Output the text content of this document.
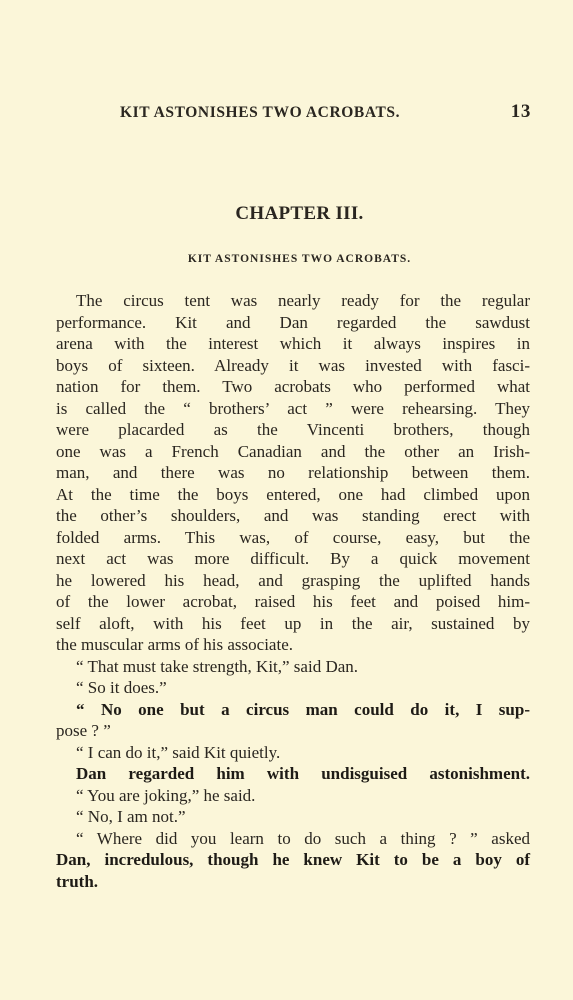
KIT ASTONISHES TWO ACROBATS.	13
CHAPTER III.
KIT ASTONISHES TWO ACROBATS.
The circus tent was nearly ready for the regular
performance. Kit and Dan regarded the sawdust
arena with the interest which it always inspires in
boys of sixteen. Already it was invested with fasci-
nation for them. Two acrobats who performed what
is called the “ brothers’ act ” were rehearsing. They
were placarded as the Vincenti brothers, though
one was a French Canadian and the other an Irish-
man, and there was no relationship between them.
At the time the boys entered, one had climbed upon
the other’s shoulders, and was standing erect with
folded arms. This was, of course, easy, but the
next act was more difficult. By a quick movement
he lowered his head, and grasping the uplifted hands
of the lower acrobat, raised his feet and poised him-
self aloft, with his feet up in the air, sustained by
the muscular arms of his associate.
“ That must take strength, Kit,” said Dan.
“ So it does.”
“ No one but a circus man could do it, I sup-
pose ? ”
“ I can do it,” said Kit quietly.
Dan regarded him with undisguised astonishment.
“ You are joking,” he said.
“ No, I am not.”
“ Where did you learn to do such a thing ? ” asked
Dan, incredulous, though he knew Kit to be a boy of
truth.
